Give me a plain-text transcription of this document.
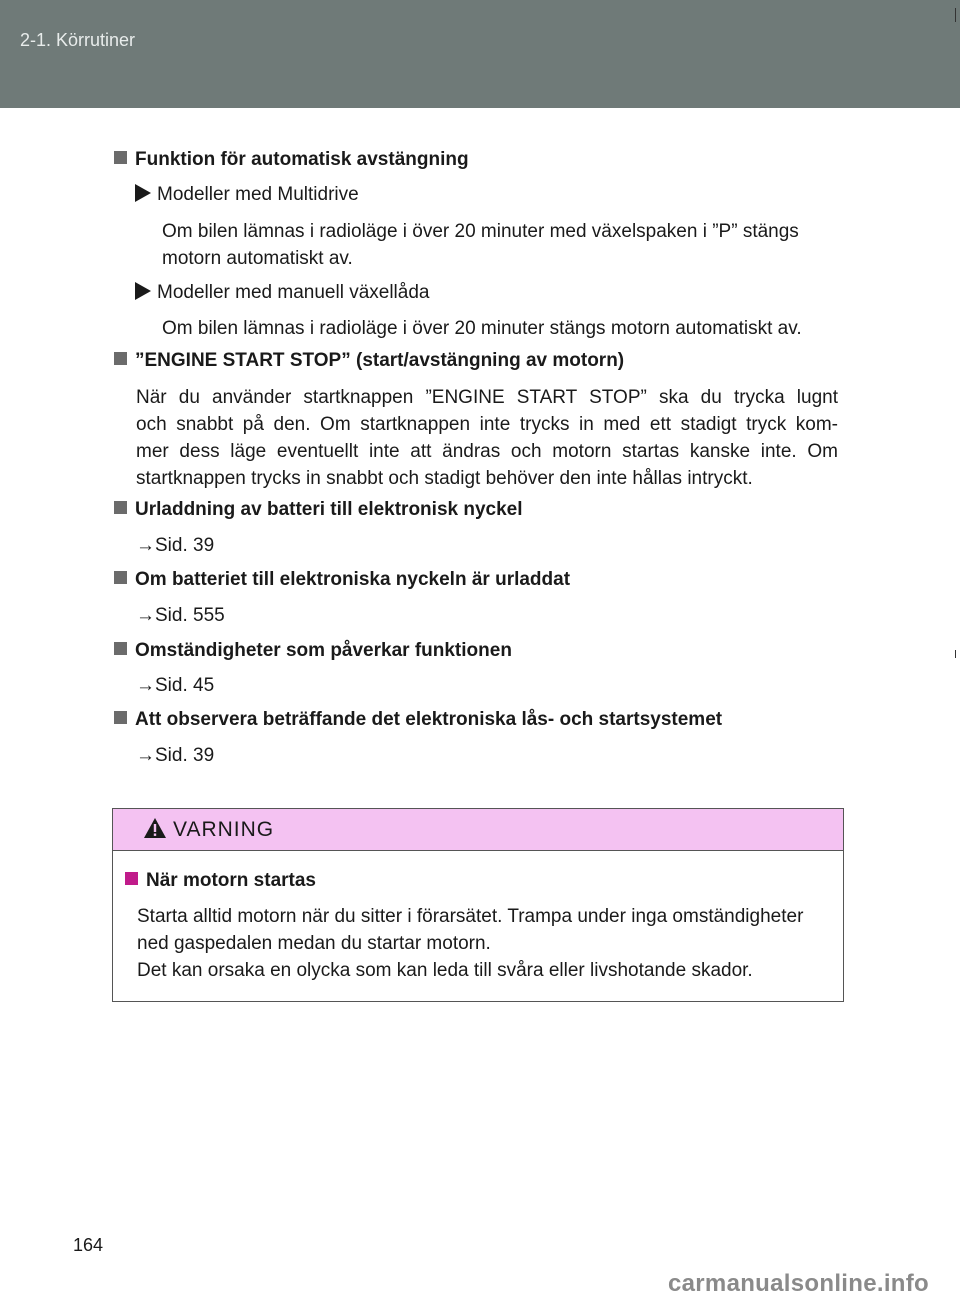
2-1. Körrutiner
Funktion för automatisk avstängning
Modeller med Multidrive
Om bilen lämnas i radioläge i över 20 minuter med växelspaken i ”P” stängs
motorn automatiskt av.
Modeller med manuell växellåda
Om bilen lämnas i radioläge i över 20 minuter stängs motorn automatiskt av.
”ENGINE START STOP” (start/avstängning av motorn)
När du använder startknappen ”ENGINE START STOP” ska du trycka lugnt
och snabbt på den. Om startknappen inte trycks in med ett stadigt tryck kom-
mer dess läge eventuellt inte att ändras och motorn startas kanske inte. Om
startknappen trycks in snabbt och stadigt behöver den inte hållas intryckt.
Urladdning av batteri till elektronisk nyckel
→Sid. 39
Om batteriet till elektroniska nyckeln är urladdat
→Sid. 555
Omständigheter som påverkar funktionen
→Sid. 45
Att observera beträffande det elektroniska lås- och startsystemet
→Sid. 39
VARNING
När motorn startas
Starta alltid motorn när du sitter i förarsätet. Trampa under inga omständigheter
ned gaspedalen medan du startar motorn.
Det kan orsaka en olycka som kan leda till svåra eller livshotande skador.
164
carmanualsonline.info
